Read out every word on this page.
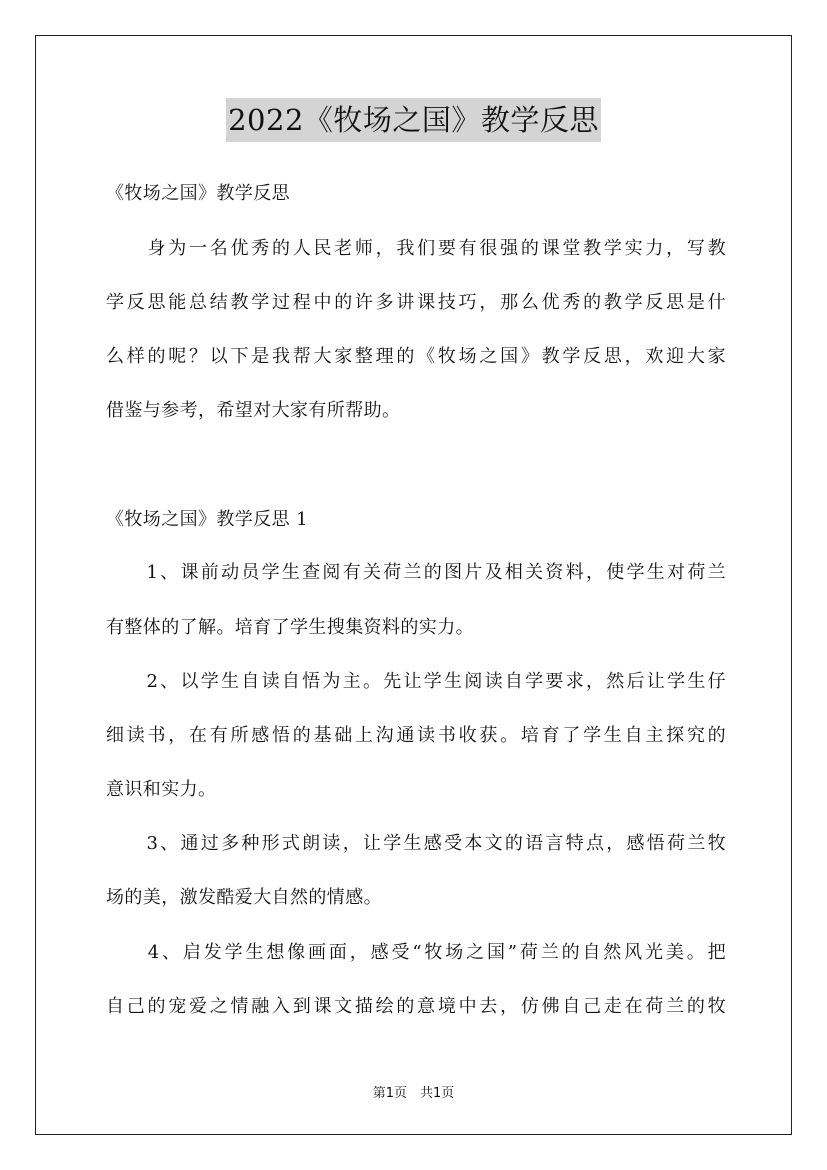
2022《牧场之国》教学反思
《牧场之国》教学反思
　　身为一名优秀的人民老师，我们要有很强的课堂教学实力，写教
学反思能总结教学过程中的许多讲课技巧，那么优秀的教学反思是什
么样的呢？以下是我帮大家整理的《牧场之国》教学反思，欢迎大家
借鉴与参考，希望对大家有所帮助。
《牧场之国》教学反思 1
　　1、课前动员学生查阅有关荷兰的图片及相关资料，使学生对荷兰
有整体的了解。培育了学生搜集资料的实力。
　　2、以学生自读自悟为主。先让学生阅读自学要求，然后让学生仔
细读书，在有所感悟的基础上沟通读书收获。培育了学生自主探究的
意识和实力。
　　3、通过多种形式朗读，让学生感受本文的语言特点，感悟荷兰牧
场的美，激发酷爱大自然的情感。
　　4、启发学生想像画面，感受“牧场之国”荷兰的自然风光美。把
自己的宠爱之情融入到课文描绘的意境中去，仿佛自己走在荷兰的牧
第1页　共1页
